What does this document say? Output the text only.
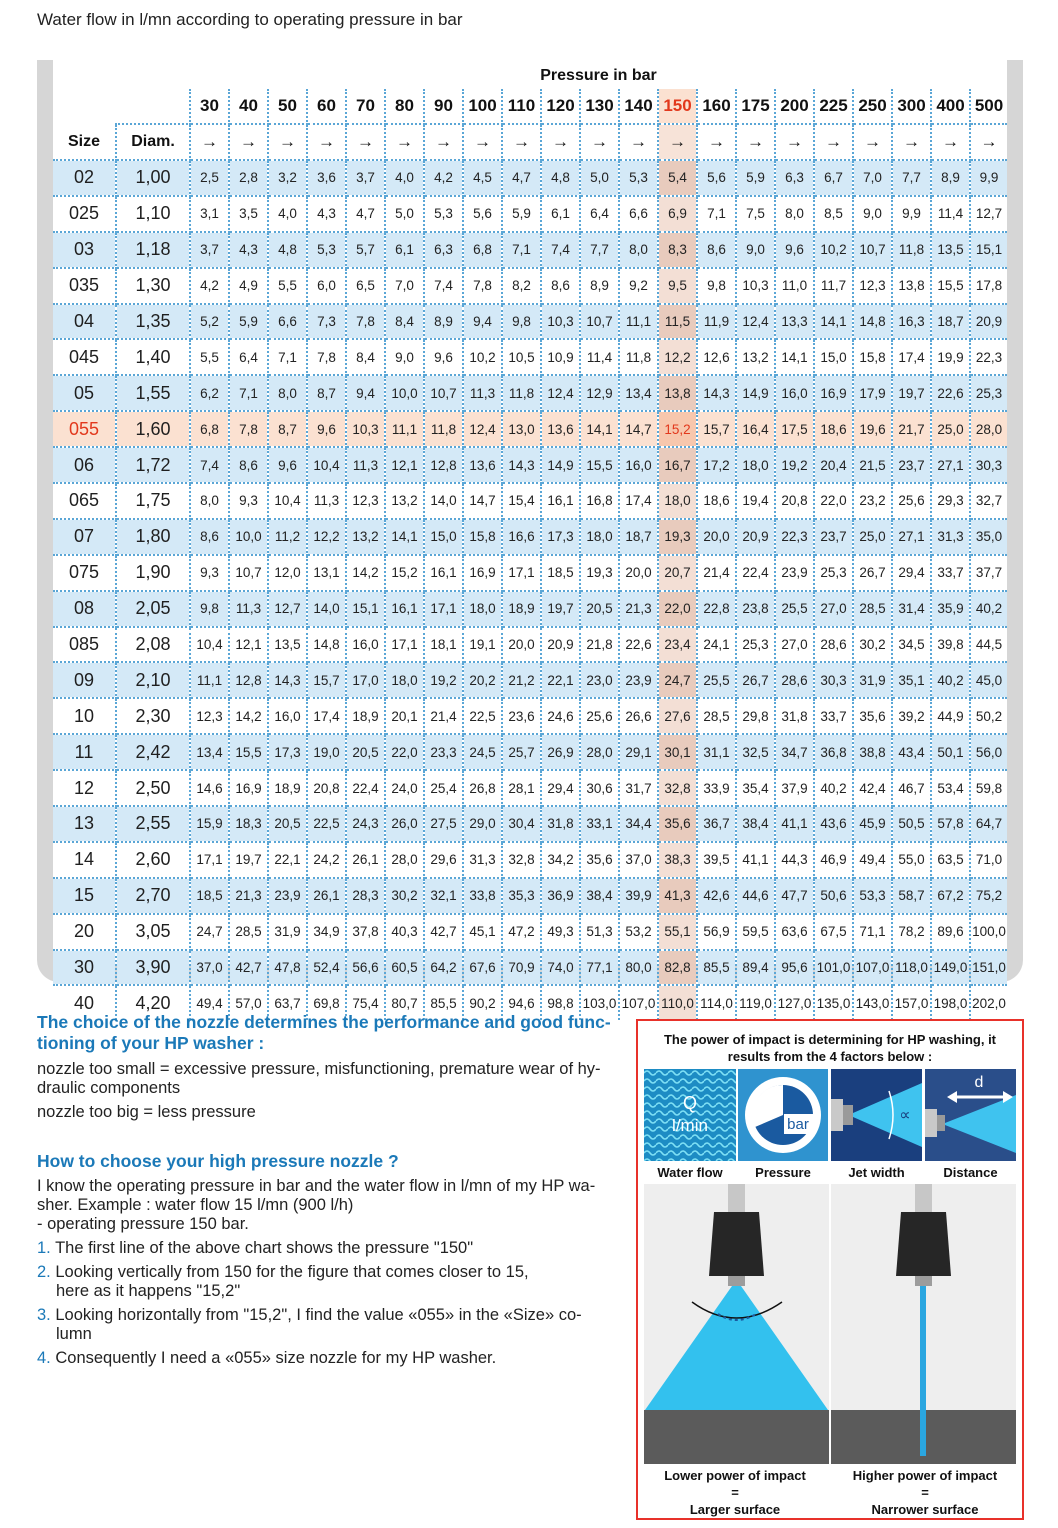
Water flow in l/mn according to operating pressure in bar
Pressure in bar
		30	40	50	60	70	80	90	100	110	120	130	140	150	160	175	200	225	250	300	400	500
Size	Diam.	→	→	→	→	→	→	→	→	→	→	→	→	→	→	→	→	→	→	→	→	→
02	1,00	2,5	2,8	3,2	3,6	3,7	4,0	4,2	4,5	4,7	4,8	5,0	5,3	5,4	5,6	5,9	6,3	6,7	7,0	7,7	8,9	9,9
025	1,10	3,1	3,5	4,0	4,3	4,7	5,0	5,3	5,6	5,9	6,1	6,4	6,6	6,9	7,1	7,5	8,0	8,5	9,0	9,9	11,4	12,7
03	1,18	3,7	4,3	4,8	5,3	5,7	6,1	6,3	6,8	7,1	7,4	7,7	8,0	8,3	8,6	9,0	9,6	10,2	10,7	11,8	13,5	15,1
035	1,30	4,2	4,9	5,5	6,0	6,5	7,0	7,4	7,8	8,2	8,6	8,9	9,2	9,5	9,8	10,3	11,0	11,7	12,3	13,8	15,5	17,8
04	1,35	5,2	5,9	6,6	7,3	7,8	8,4	8,9	9,4	9,8	10,3	10,7	11,1	11,5	11,9	12,4	13,3	14,1	14,8	16,3	18,7	20,9
045	1,40	5,5	6,4	7,1	7,8	8,4	9,0	9,6	10,2	10,5	10,9	11,4	11,8	12,2	12,6	13,2	14,1	15,0	15,8	17,4	19,9	22,3
05	1,55	6,2	7,1	8,0	8,7	9,4	10,0	10,7	11,3	11,8	12,4	12,9	13,4	13,8	14,3	14,9	16,0	16,9	17,9	19,7	22,6	25,3
055	1,60	6,8	7,8	8,7	9,6	10,3	11,1	11,8	12,4	13,0	13,6	14,1	14,7	15,2	15,7	16,4	17,5	18,6	19,6	21,7	25,0	28,0
06	1,72	7,4	8,6	9,6	10,4	11,3	12,1	12,8	13,6	14,3	14,9	15,5	16,0	16,7	17,2	18,0	19,2	20,4	21,5	23,7	27,1	30,3
065	1,75	8,0	9,3	10,4	11,3	12,3	13,2	14,0	14,7	15,4	16,1	16,8	17,4	18,0	18,6	19,4	20,8	22,0	23,2	25,6	29,3	32,7
07	1,80	8,6	10,0	11,2	12,2	13,2	14,1	15,0	15,8	16,6	17,3	18,0	18,7	19,3	20,0	20,9	22,3	23,7	25,0	27,1	31,3	35,0
075	1,90	9,3	10,7	12,0	13,1	14,2	15,2	16,1	16,9	17,1	18,5	19,3	20,0	20,7	21,4	22,4	23,9	25,3	26,7	29,4	33,7	37,7
08	2,05	9,8	11,3	12,7	14,0	15,1	16,1	17,1	18,0	18,9	19,7	20,5	21,3	22,0	22,8	23,8	25,5	27,0	28,5	31,4	35,9	40,2
085	2,08	10,4	12,1	13,5	14,8	16,0	17,1	18,1	19,1	20,0	20,9	21,8	22,6	23,4	24,1	25,3	27,0	28,6	30,2	34,5	39,8	44,5
09	2,10	11,1	12,8	14,3	15,7	17,0	18,0	19,2	20,2	21,2	22,1	23,0	23,9	24,7	25,5	26,7	28,6	30,3	31,9	35,1	40,2	45,0
10	2,30	12,3	14,2	16,0	17,4	18,9	20,1	21,4	22,5	23,6	24,6	25,6	26,6	27,6	28,5	29,8	31,8	33,7	35,6	39,2	44,9	50,2
11	2,42	13,4	15,5	17,3	19,0	20,5	22,0	23,3	24,5	25,7	26,9	28,0	29,1	30,1	31,1	32,5	34,7	36,8	38,8	43,4	50,1	56,0
12	2,50	14,6	16,9	18,9	20,8	22,4	24,0	25,4	26,8	28,1	29,4	30,6	31,7	32,8	33,9	35,4	37,9	40,2	42,4	46,7	53,4	59,8
13	2,55	15,9	18,3	20,5	22,5	24,3	26,0	27,5	29,0	30,4	31,8	33,1	34,4	35,6	36,7	38,4	41,1	43,6	45,9	50,5	57,8	64,7
14	2,60	17,1	19,7	22,1	24,2	26,1	28,0	29,6	31,3	32,8	34,2	35,6	37,0	38,3	39,5	41,1	44,3	46,9	49,4	55,0	63,5	71,0
15	2,70	18,5	21,3	23,9	26,1	28,3	30,2	32,1	33,8	35,3	36,9	38,4	39,9	41,3	42,6	44,6	47,7	50,6	53,3	58,7	67,2	75,2
20	3,05	24,7	28,5	31,9	34,9	37,8	40,3	42,7	45,1	47,2	49,3	51,3	53,2	55,1	56,9	59,5	63,6	67,5	71,1	78,2	89,6	100,0
30	3,90	37,0	42,7	47,8	52,4	56,6	60,5	64,2	67,6	70,9	74,0	77,1	80,0	82,8	85,5	89,4	95,6	101,0	107,0	118,0	149,0	151,0
40	4,20	49,4	57,0	63,7	69,8	75,4	80,7	85,5	90,2	94,6	98,8	103,0	107,0	110,0	114,0	119,0	127,0	135,0	143,0	157,0	198,0	202,0
The choice of the nozzle determines the performance and good func-
tioning of your HP washer :
nozzle too small = excessive pressure, misfunctioning, premature wear of hy-
draulic components
nozzle too big = less pressure
How to choose your high pressure nozzle ?
I know the operating pressure in bar and the water flow in l/mn of my HP wa-
sher. Example : water flow 15 l/mn (900 l/h)
- operating pressure 150 bar.
1. The first line of the above chart shows the pressure "150"
2. Looking vertically from 150 for the figure that comes closer to 15,
here as it happens "15,2"
3. Looking horizontally from "15,2", I find the value «055» in the «Size» co-
lumn
4. Consequently I need a «055» size nozzle for my HP washer.
The power of impact is determining for HP washing, it
results from the 4 factors below :
Q
l/min	bar
∝
d
Water flow	Pressure	Jet width	Distance
Lower power of impact
=
Larger surface
Higher power of impact
=
Narrower surface
